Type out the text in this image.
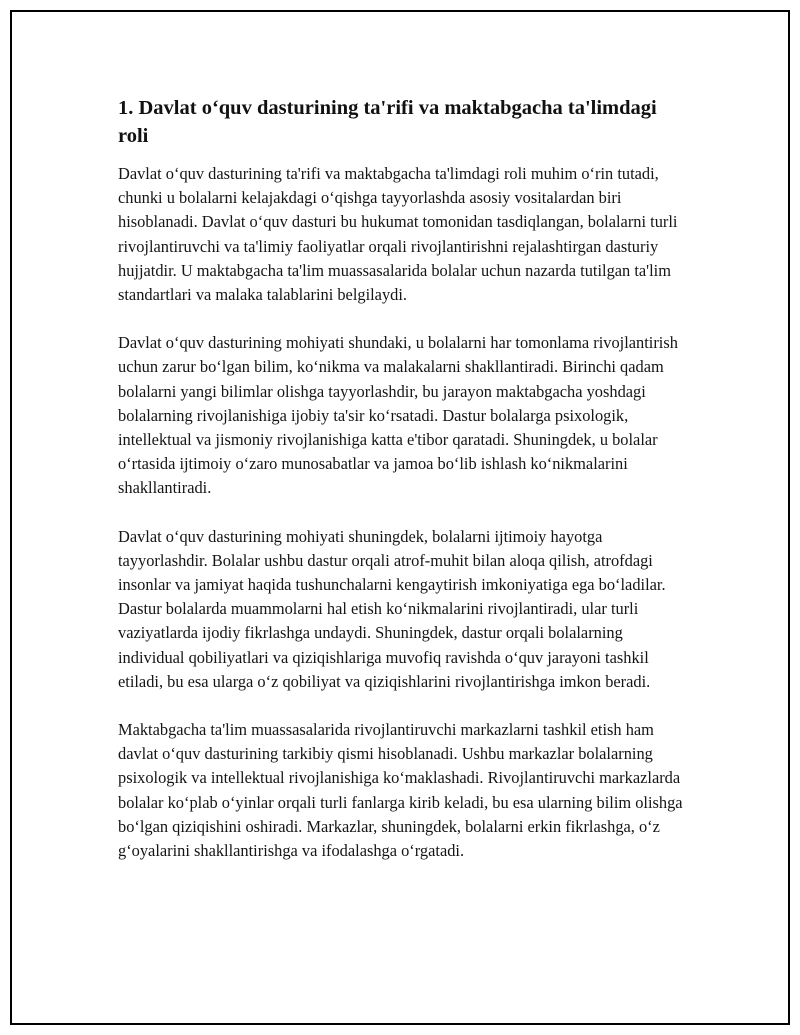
1. Davlat o‘quv dasturining ta'rifi va maktabgacha ta'limdagi roli

Davlat o‘quv dasturining ta'rifi va maktabgacha ta'limdagi roli muhim o‘rin tutadi, chunki u bolalarni kelajakdagi o‘qishga tayyorlashda asosiy vositalardan biri hisoblanadi. Davlat o‘quv dasturi bu hukumat tomonidan tasdiqlangan, bolalarni turli rivojlantiruvchi va ta'limiy faoliyatlar orqali rivojlantirishni rejalashtirgan dasturiy hujjatdir. U maktabgacha ta'lim muassasalarida bolalar uchun nazarda tutilgan ta'lim standartlari va malaka talablarini belgilaydi.

Davlat o‘quv dasturining mohiyati shundaki, u bolalarni har tomonlama rivojlantirish uchun zarur bo‘lgan bilim, ko‘nikma va malakalarni shakllantiradi. Birinchi qadam bolalarni yangi bilimlar olishga tayyorlashdir, bu jarayon maktabgacha yoshdagi bolalarning rivojlanishiga ijobiy ta'sir ko‘rsatadi. Dastur bolalarga psixologik, intellektual va jismoniy rivojlanishiga katta e'tibor qaratadi. Shuningdek, u bolalar o‘rtasida ijtimoiy o‘zaro munosabatlar va jamoa bo‘lib ishlash ko‘nikmalarini shakllantiradi.

Davlat o‘quv dasturining mohiyati shuningdek, bolalarni ijtimoiy hayotga tayyorlashdir. Bolalar ushbu dastur orqali atrof-muhit bilan aloqa qilish, atrofdagi insonlar va jamiyat haqida tushunchalarni kengaytirish imkoniyatiga ega bo‘ladilar. Dastur bolalarda muammolarni hal etish ko‘nikmalarini rivojlantiradi, ular turli vaziyatlarda ijodiy fikrlashga undaydi. Shuningdek, dastur orqali bolalarning individual qobiliyatlari va qiziqishlariga muvofiq ravishda o‘quv jarayoni tashkil etiladi, bu esa ularga o‘z qobiliyat va qiziqishlarini rivojlantirishga imkon beradi.

Maktabgacha ta'lim muassasalarida rivojlantiruvchi markazlarni tashkil etish ham davlat o‘quv dasturining tarkibiy qismi hisoblanadi. Ushbu markazlar bolalarning psixologik va intellektual rivojlanishiga ko‘maklashadi. Rivojlantiruvchi markazlarda bolalar ko‘plab o‘yinlar orqali turli fanlarga kirib keladi, bu esa ularning bilim olishga bo‘lgan qiziqishini oshiradi. Markazlar, shuningdek, bolalarni erkin fikrlashga, o‘z g‘oyalarini shakllantirishga va ifodalashga o‘rgatadi.
